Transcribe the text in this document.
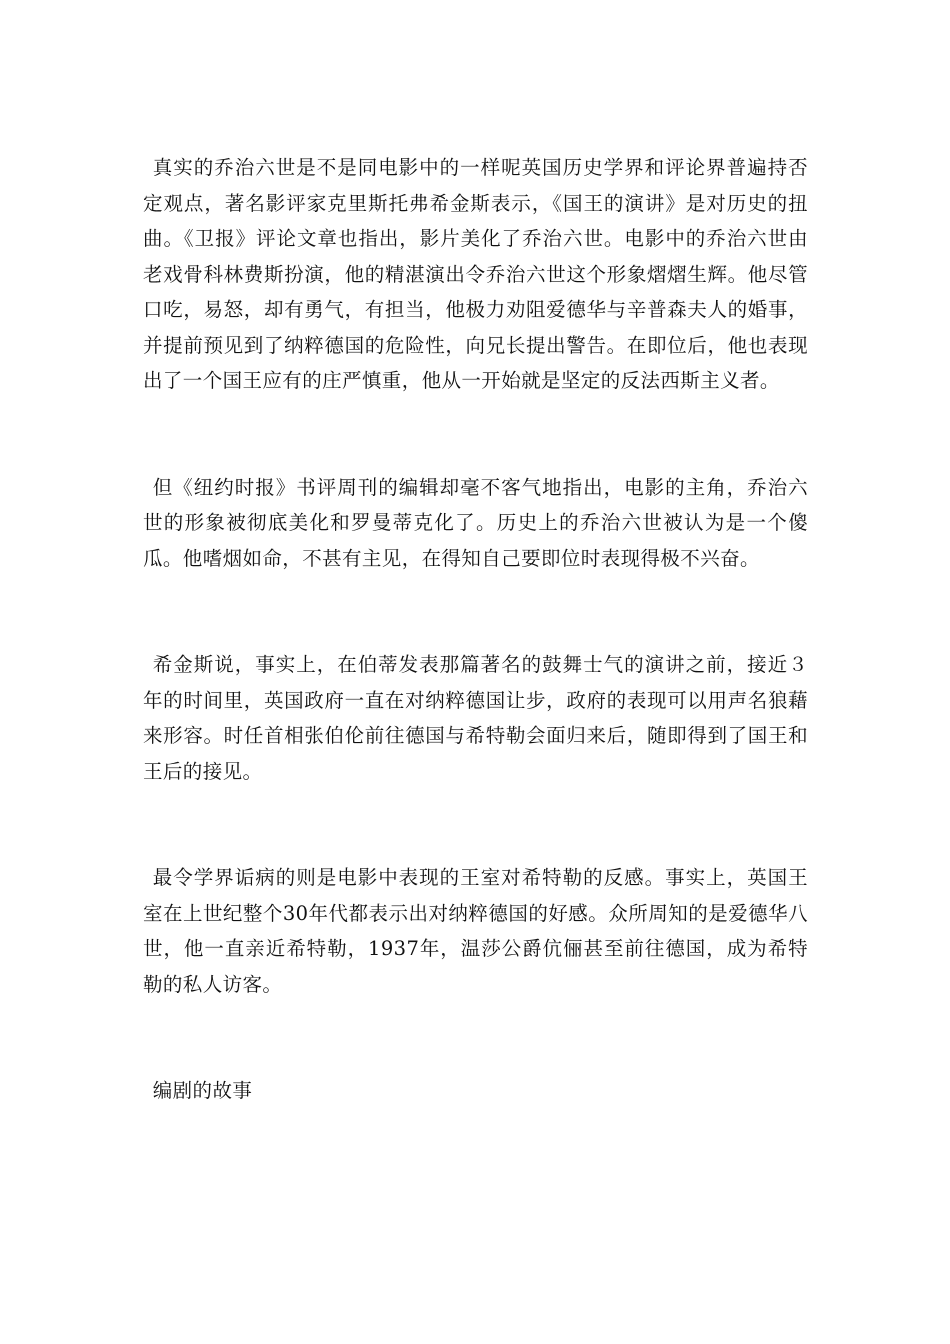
真实的乔治六世是不是同电影中的一样呢英国历史学界和评论界普遍持否定观点，著名影评家克里斯托弗希金斯表示，《国王的演讲》是对历史的扭曲。《卫报》评论文章也指出，影片美化了乔治六世。电影中的乔治六世由老戏骨科林费斯扮演，他的精湛演出令乔治六世这个形象熠熠生辉。他尽管口吃，易怒，却有勇气，有担当，他极力劝阻爱德华与辛普森夫人的婚事，并提前预见到了纳粹德国的危险性，向兄长提出警告。在即位后，他也表现出了一个国王应有的庄严慎重，他从一开始就是坚定的反法西斯主义者。

但《纽约时报》书评周刊的编辑却毫不客气地指出，电影的主角，乔治六世的形象被彻底美化和罗曼蒂克化了。历史上的乔治六世被认为是一个傻瓜。他嗜烟如命，不甚有主见，在得知自己要即位时表现得极不兴奋。

希金斯说，事实上，在伯蒂发表那篇著名的鼓舞士气的演讲之前，接近３年的时间里，英国政府一直在对纳粹德国让步，政府的表现可以用声名狼藉来形容。时任首相张伯伦前往德国与希特勒会面归来后，随即得到了国王和王后的接见。

最令学界诟病的则是电影中表现的王室对希特勒的反感。事实上，英国王室在上世纪整个30年代都表示出对纳粹德国的好感。众所周知的是爱德华八世，他一直亲近希特勒，1937年，温莎公爵伉俪甚至前往德国，成为希特勒的私人访客。

编剧的故事
